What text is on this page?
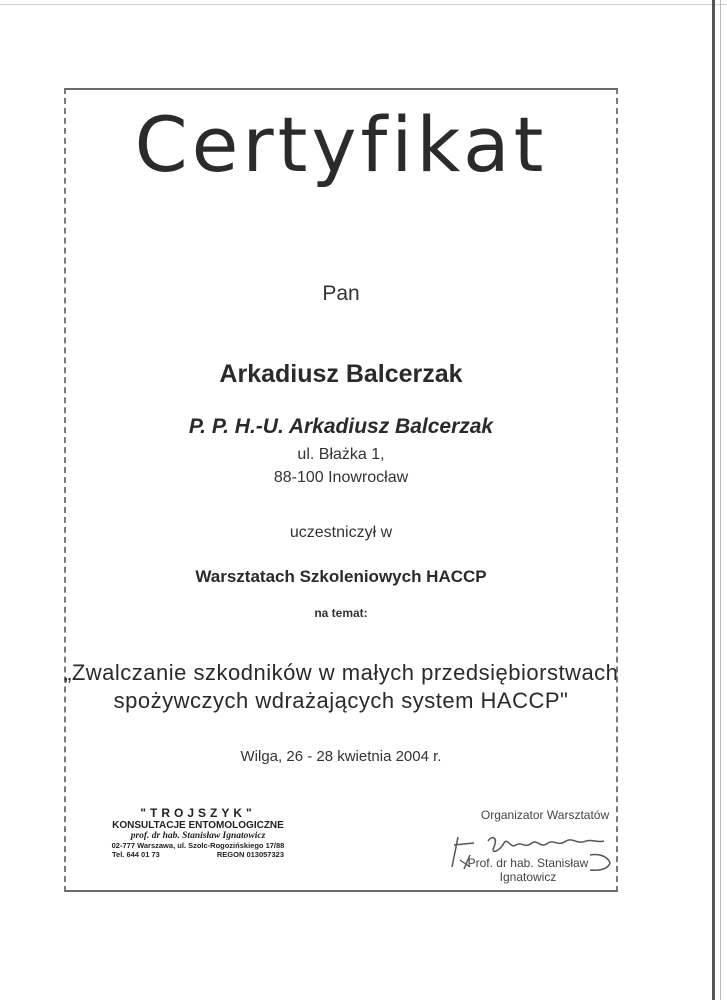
Certyfikat
Pan
Arkadiusz Balcerzak
P. P. H.-U. Arkadiusz Balcerzak
ul. Błażka 1,
88-100 Inowrocław
uczestniczył w
Warsztatach Szkoleniowych HACCP
na temat:
„Zwalczanie szkodników w małych przedsiębiorstwach
spożywczych wdrażających system HACCP"
Wilga, 26 - 28 kwietnia 2004 r.
"TROJSZYK"
KONSULTACJE ENTOMOLOGICZNE
prof. dr hab. Stanisław Ignatowicz
02-777 Warszawa, ul. Szolc-Rogozińskiego 17/88
Tel. 644 01 73	REGON 013057323
Organizator Warsztatów
Prof. dr hab. Stanisław Ignatowicz
